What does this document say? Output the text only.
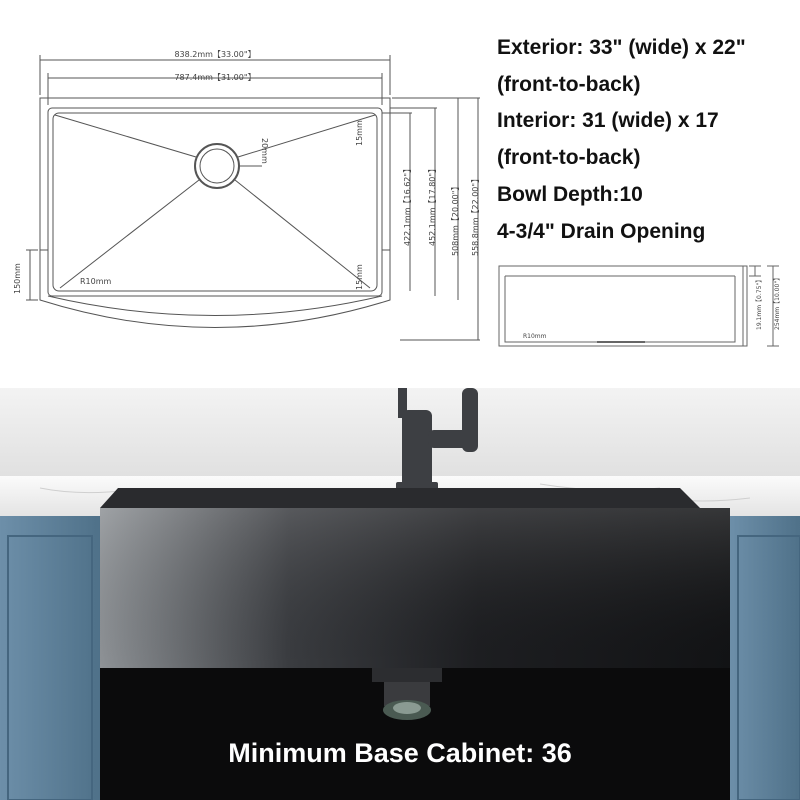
838.2mm【33.00"】
787.4mm【31.00"】
20mm
15mm
15mm
R10mm
150mm
422.1mm【16.62"】 452.1mm【17.80"】 508mm【20.00"】 558.8mm【22.00"】
Exterior: 33" (wide) x 22"
(front-to-back)
Interior: 31 (wide) x 17
(front-to-back)
Bowl Depth:10
4-3/4" Drain Opening
R10mm
19.1mm【0.75"】 254mm【10.00"】
Minimum Base Cabinet: 36
